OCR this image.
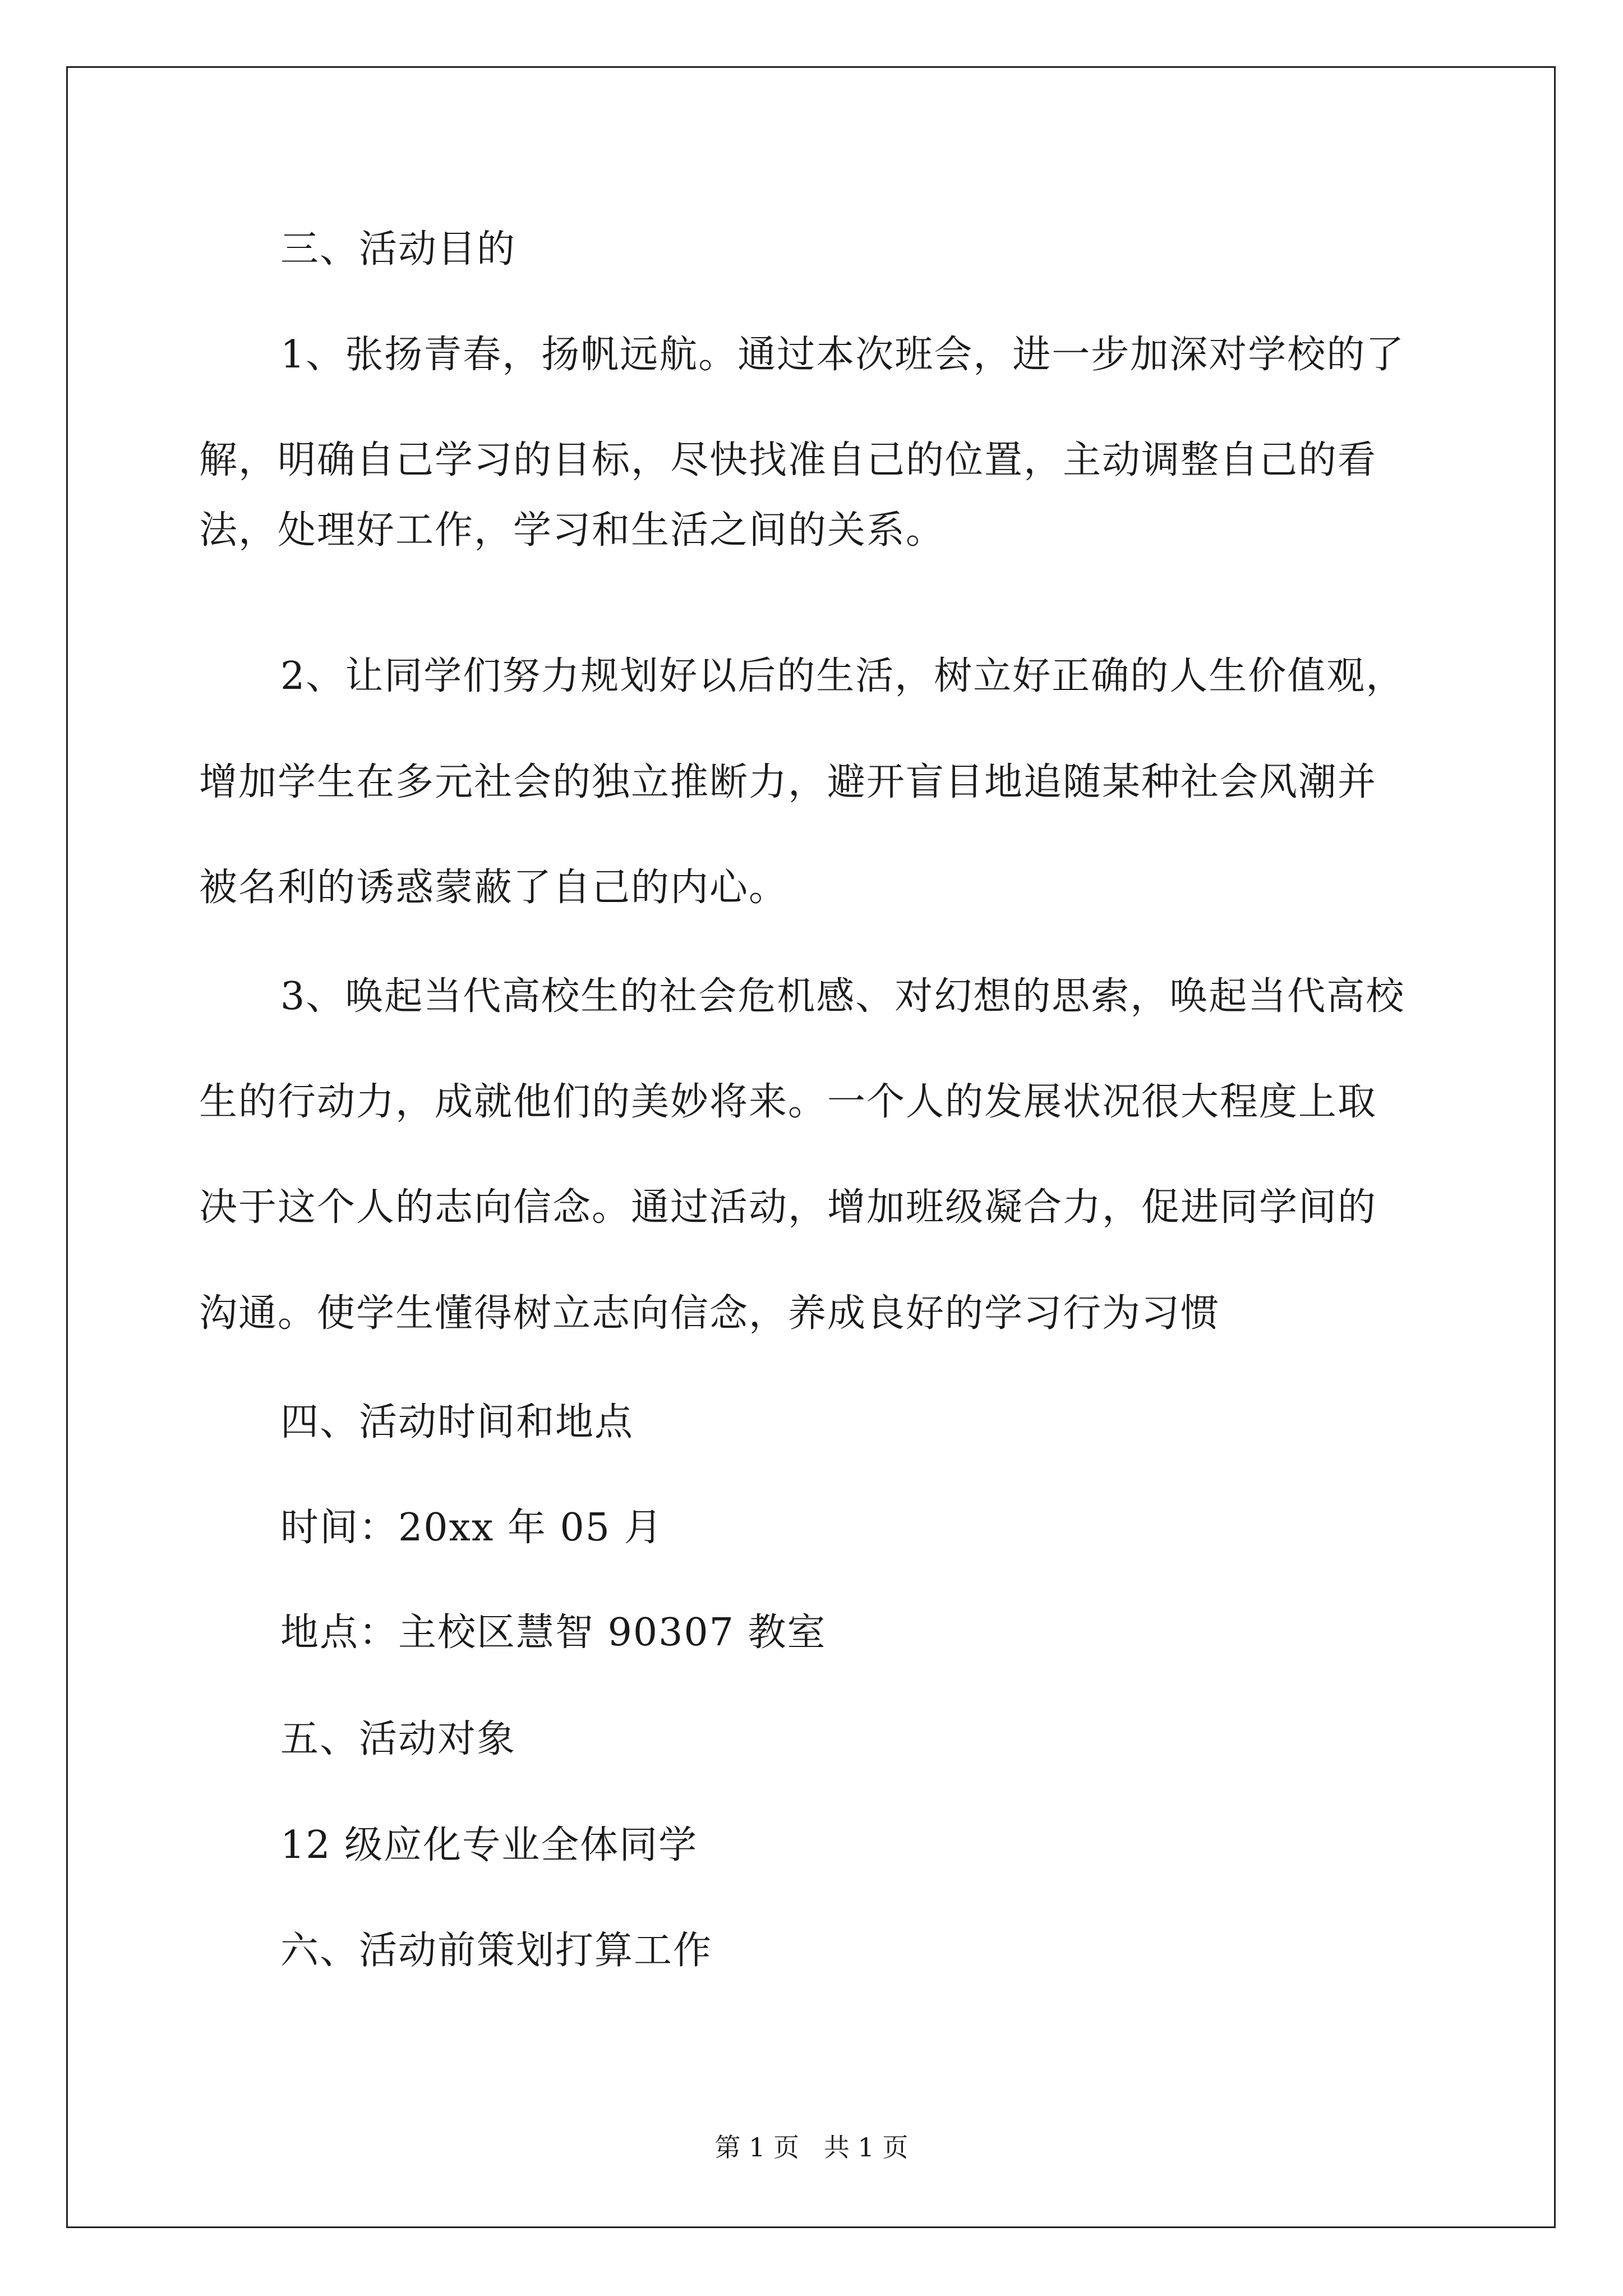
三、活动目的
1、张扬青春，扬帆远航。通过本次班会，进一步加深对学校的了
解，明确自己学习的目标，尽快找准自己的位置，主动调整自己的看
法，处理好工作，学习和生活之间的关系。
2、让同学们努力规划好以后的生活，树立好正确的人生价值观，
增加学生在多元社会的独立推断力，避开盲目地追随某种社会风潮并
被名利的诱惑蒙蔽了自己的内心。
3、唤起当代高校生的社会危机感、对幻想的思索，唤起当代高校
生的行动力，成就他们的美妙将来。一个人的发展状况很大程度上取
决于这个人的志向信念。通过活动，增加班级凝合力，促进同学间的
沟通。使学生懂得树立志向信念，养成良好的学习行为习惯
四、活动时间和地点
时间：20xx 年 05 月
地点：主校区慧智 90307 教室
五、活动对象
12 级应化专业全体同学
六、活动前策划打算工作
第 1 页   共 1 页
